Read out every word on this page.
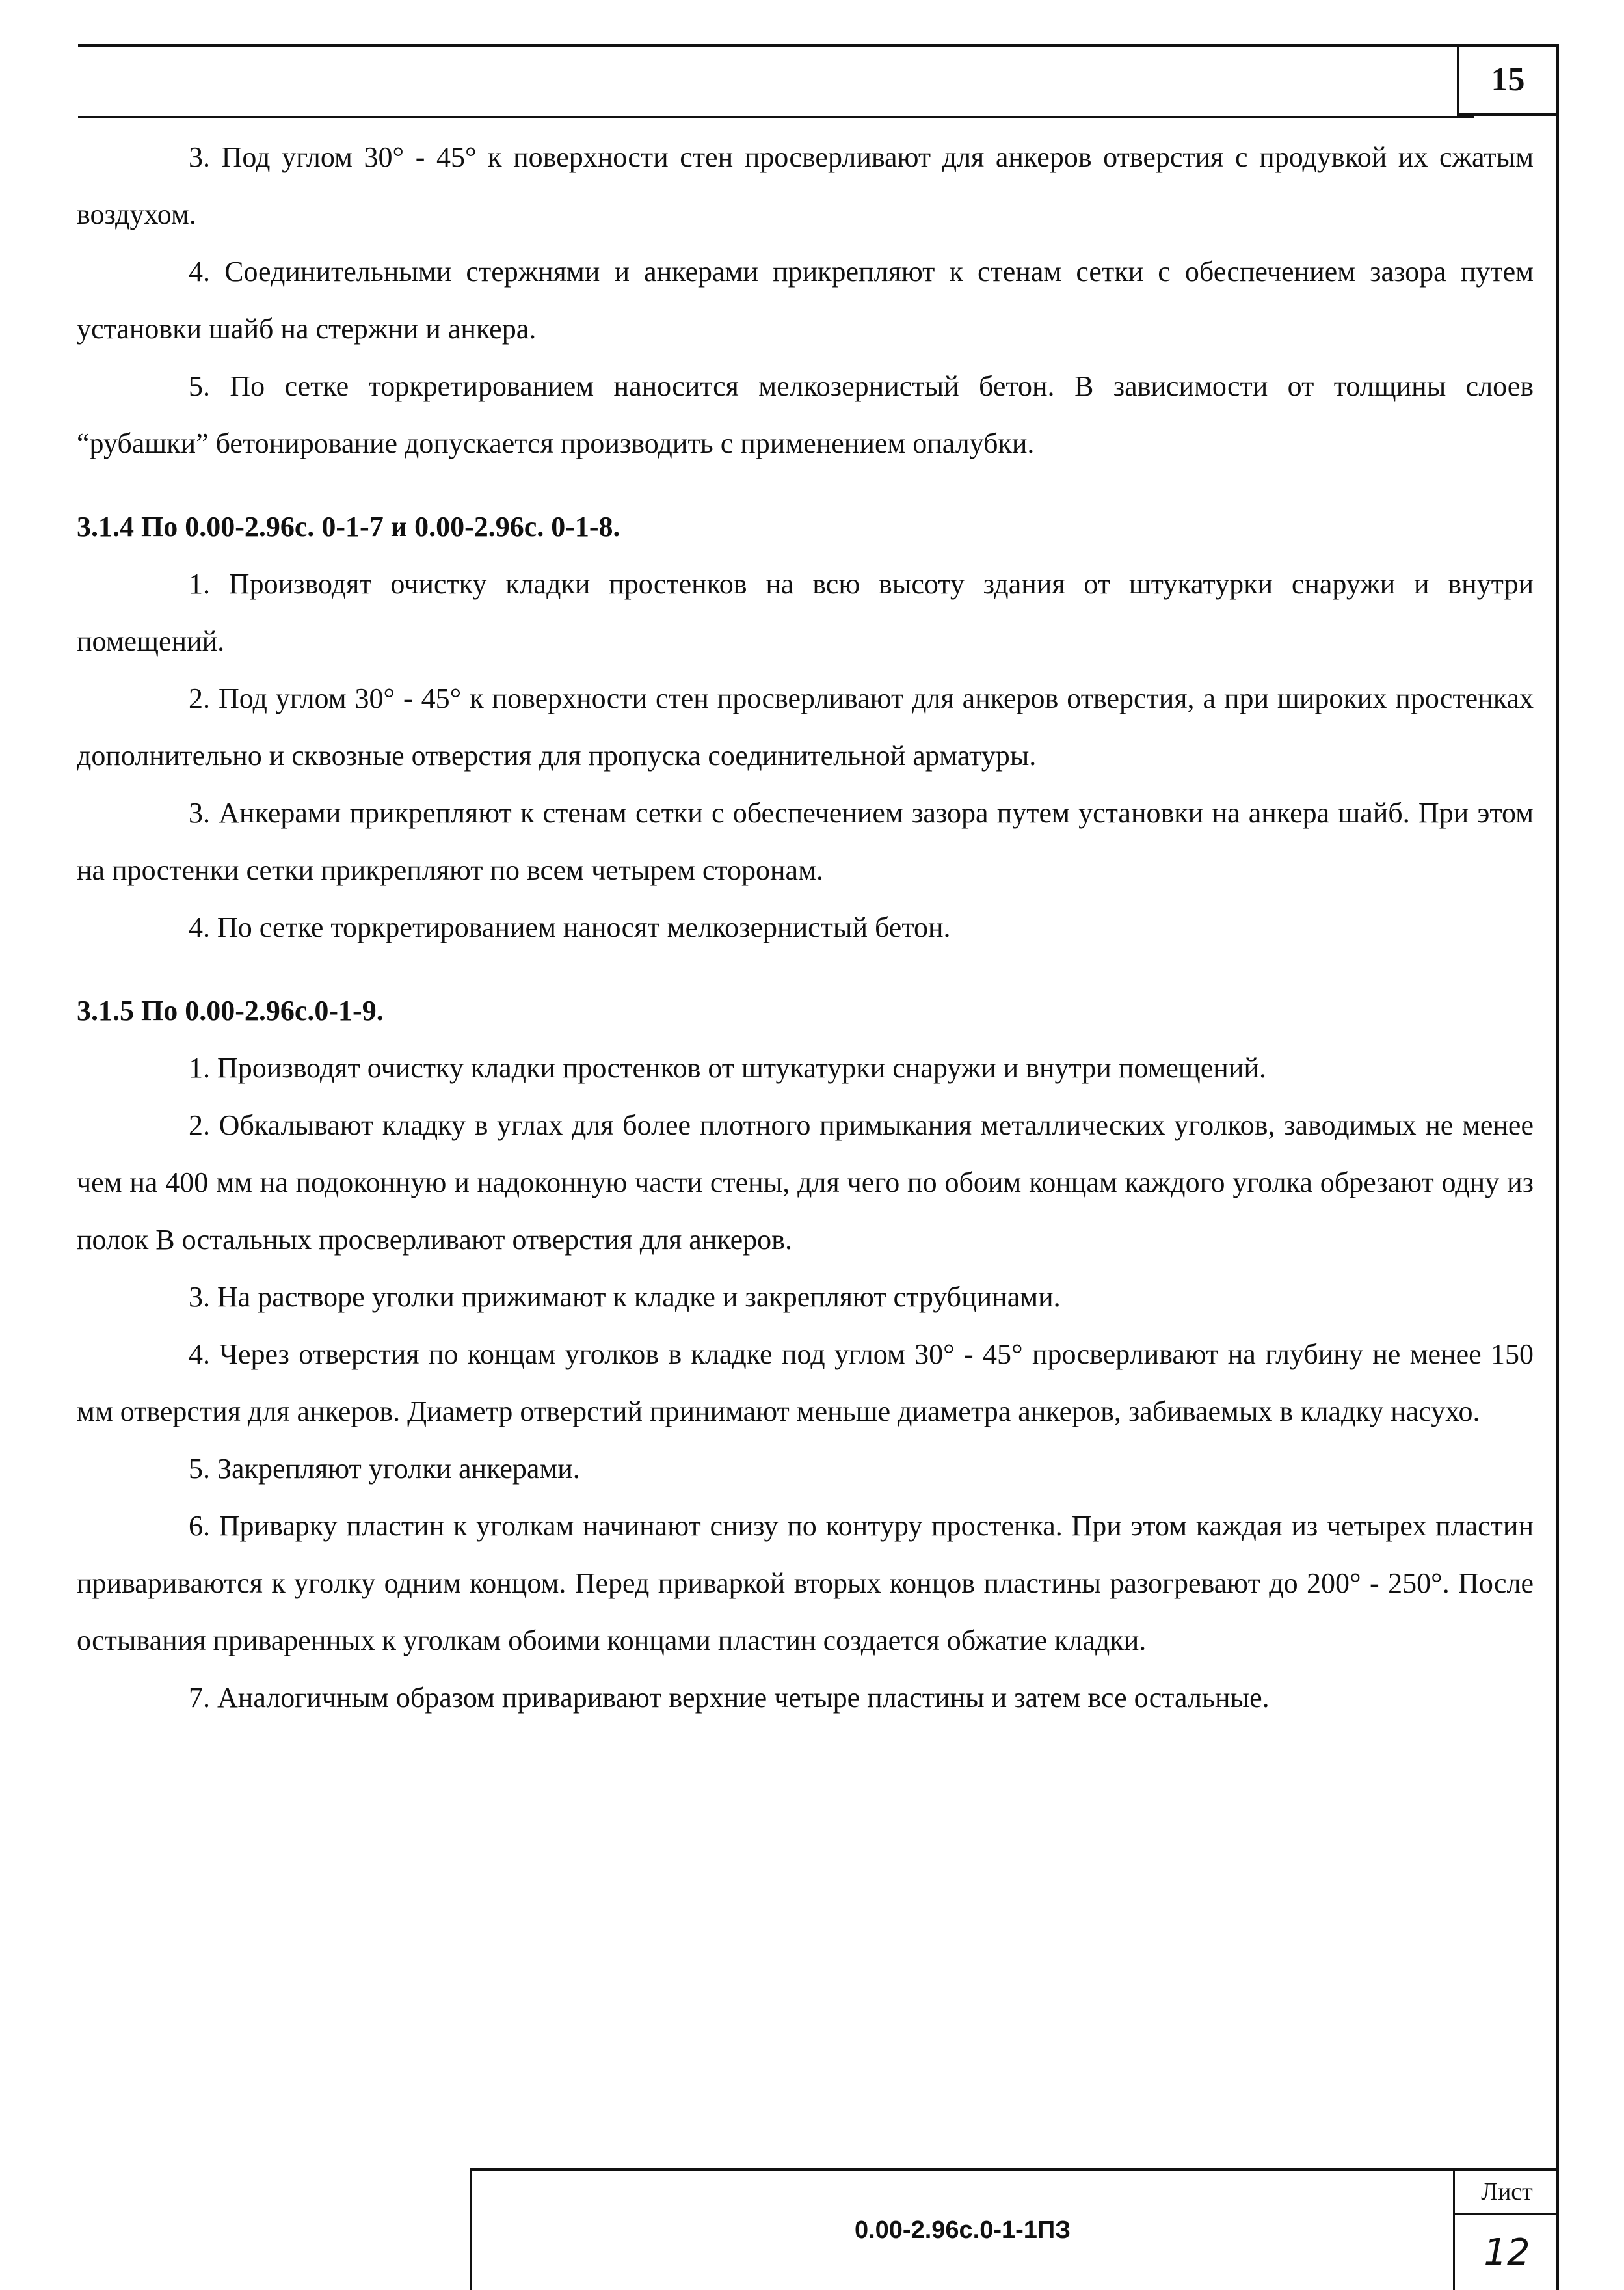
15

3. Под углом 30° - 45° к поверхности стен просверливают для анкеров отверстия с продувкой их сжатым воздухом.

4. Соединительными стержнями и анкерами прикрепляют к стенам сетки с обеспечением зазора путем установки шайб на стержни и анкера.

5. По сетке торкретированием наносится мелкозернистый бетон. В зависимости от толщины слоев “рубашки” бетонирование допускается производить с применением опалубки.

3.1.4 По 0.00-2.96с. 0-1-7 и 0.00-2.96с. 0-1-8.

1. Производят очистку кладки простенков на всю высоту здания от штукатурки снаружи и внутри помещений.

2. Под углом 30° - 45° к поверхности стен просверливают для анкеров отверстия, а при широких простенках дополнительно и сквозные отверстия для пропуска соединительной арматуры.

3. Анкерами прикрепляют к стенам сетки с обеспечением зазора путем установки на анкера шайб. При этом на простенки сетки прикрепляют по всем четырем сторонам.

4. По сетке торкретированием наносят мелкозернистый бетон.

3.1.5 По 0.00-2.96с.0-1-9.

1. Производят очистку кладки простенков от штукатурки снаружи и внутри помещений.

2. Обкалывают кладку в углах для более плотного примыкания металлических уголков, заводимых не менее чем на 400 мм на подоконную и надоконную части стены, для чего по обоим концам каждого уголка обрезают одну из полок В остальных просверливают отверстия для анкеров.

3. На растворе уголки прижимают к кладке и закрепляют струбцинами.

4. Через отверстия по концам уголков в кладке под углом 30° - 45° просверливают на глубину не менее 150 мм отверстия для анкеров. Диаметр отверстий принимают меньше диаметра анкеров, забиваемых в кладку насухо.

5. Закрепляют уголки анкерами.

6. Приварку пластин к уголкам начинают снизу по контуру простенка. При этом каждая из четырех пластин привариваются к уголку одним концом. Перед приваркой вторых концов пластины разогревают до 200° - 250°. После остывания приваренных к уголкам обоими концами пластин создается обжатие кладки.

7. Аналогичным образом приваривают верхние четыре пластины и затем все остальные.

0.00-2.96с.0-1-1ПЗ
Лист
12
